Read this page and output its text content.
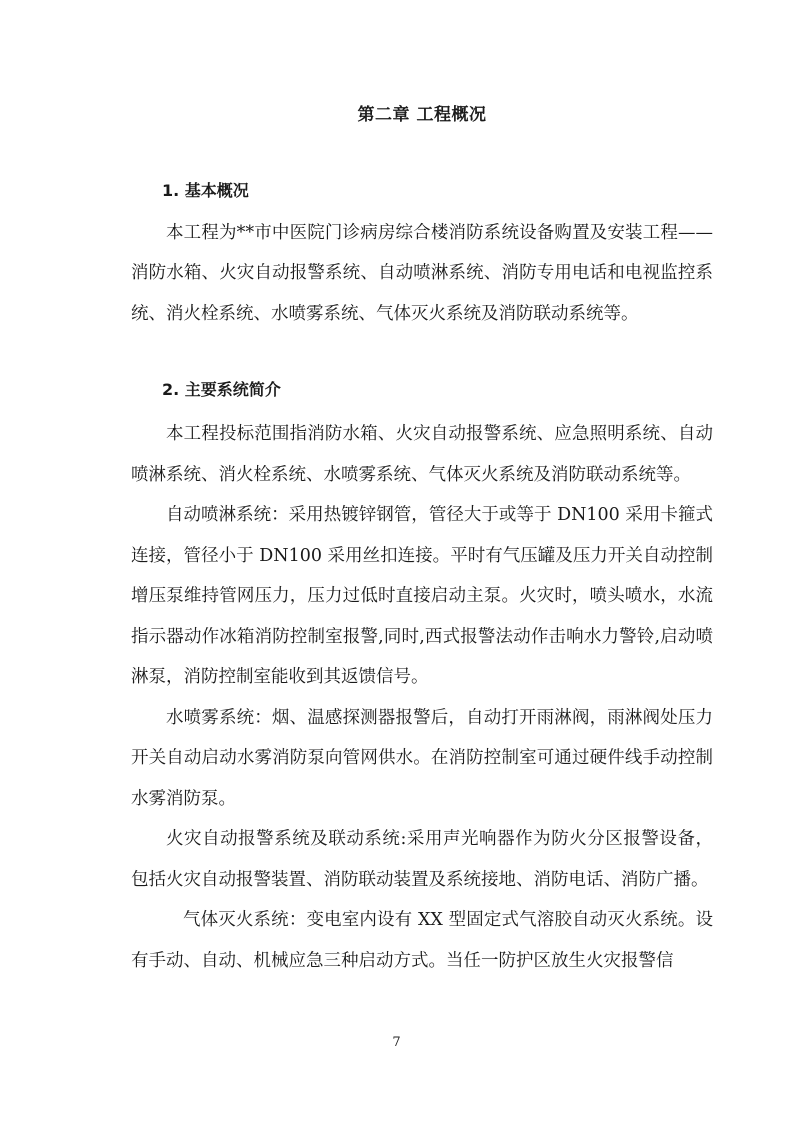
第二章 工程概况
1. 基本概况

本工程为**市中医院门诊病房综合楼消防系统设备购置及安装工程——消防水箱、火灾自动报警系统、自动喷淋系统、消防专用电话和电视监控系统、消火栓系统、水喷雾系统、气体灭火系统及消防联动系统等。

2. 主要系统简介

本工程投标范围指消防水箱、火灾自动报警系统、应急照明系统、自动喷淋系统、消火栓系统、水喷雾系统、气体灭火系统及消防联动系统等。

自动喷淋系统：采用热镀锌钢管，管径大于或等于 DN100 采用卡箍式连接，管径小于 DN100 采用丝扣连接。平时有气压罐及压力开关自动控制增压泵维持管网压力，压力过低时直接启动主泵。火灾时，喷头喷水，水流指示器动作冰箱消防控制室报警,同时,西式报警法动作击响水力警铃,启动喷淋泵，消防控制室能收到其返馈信号。

水喷雾系统：烟、温感探测器报警后，自动打开雨淋阀，雨淋阀处压力开关自动启动水雾消防泵向管网供水。在消防控制室可通过硬件线手动控制水雾消防泵。

火灾自动报警系统及联动系统:采用声光响器作为防火分区报警设备，包括火灾自动报警装置、消防联动装置及系统接地、消防电话、消防广播。

气体灭火系统：变电室内设有 XX 型固定式气溶胶自动灭火系统。设有手动、自动、机械应急三种启动方式。当任一防护区放生火灾报警信

7
